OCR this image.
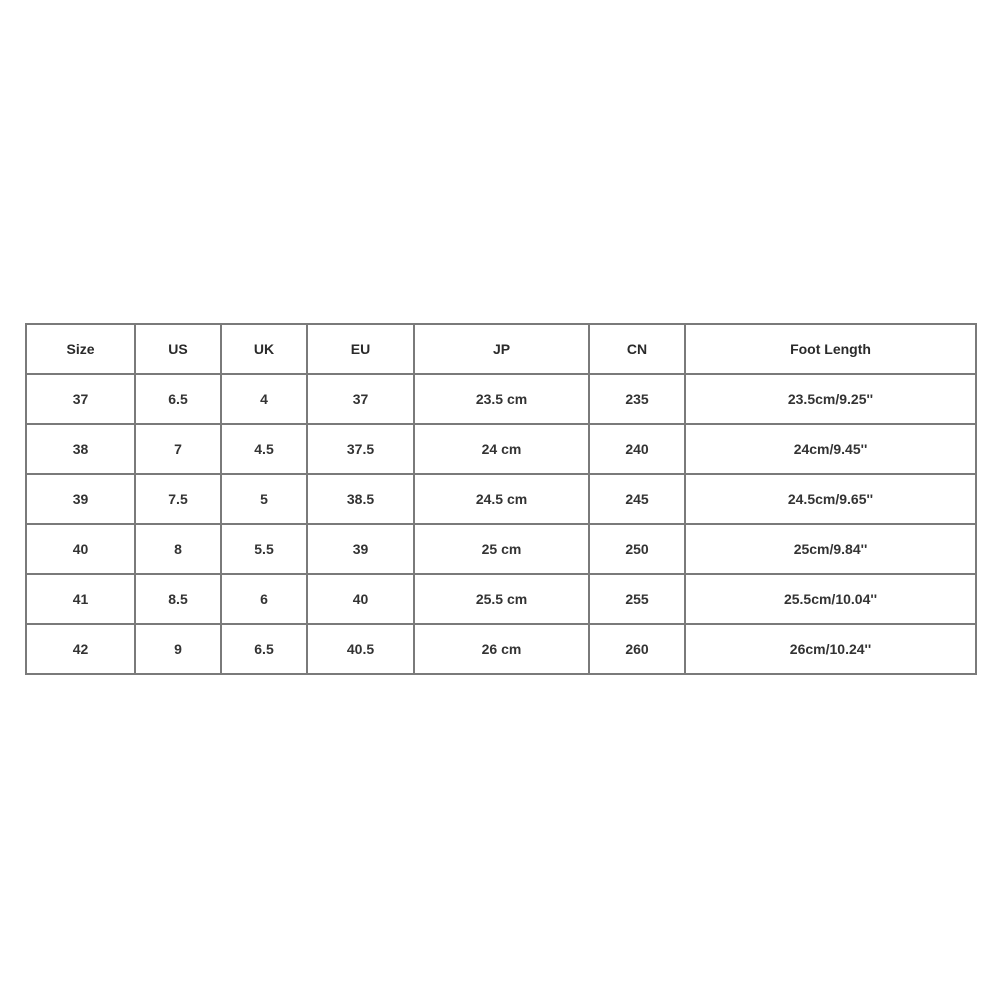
Size	US	UK	EU	JP	CN	Foot Length
37	6.5	4	37	23.5 cm	235	23.5cm/9.25''
38	7	4.5	37.5	24 cm	240	24cm/9.45''
39	7.5	5	38.5	24.5 cm	245	24.5cm/9.65''
40	8	5.5	39	25 cm	250	25cm/9.84''
41	8.5	6	40	25.5 cm	255	25.5cm/10.04''
42	9	6.5	40.5	26 cm	260	26cm/10.24''
